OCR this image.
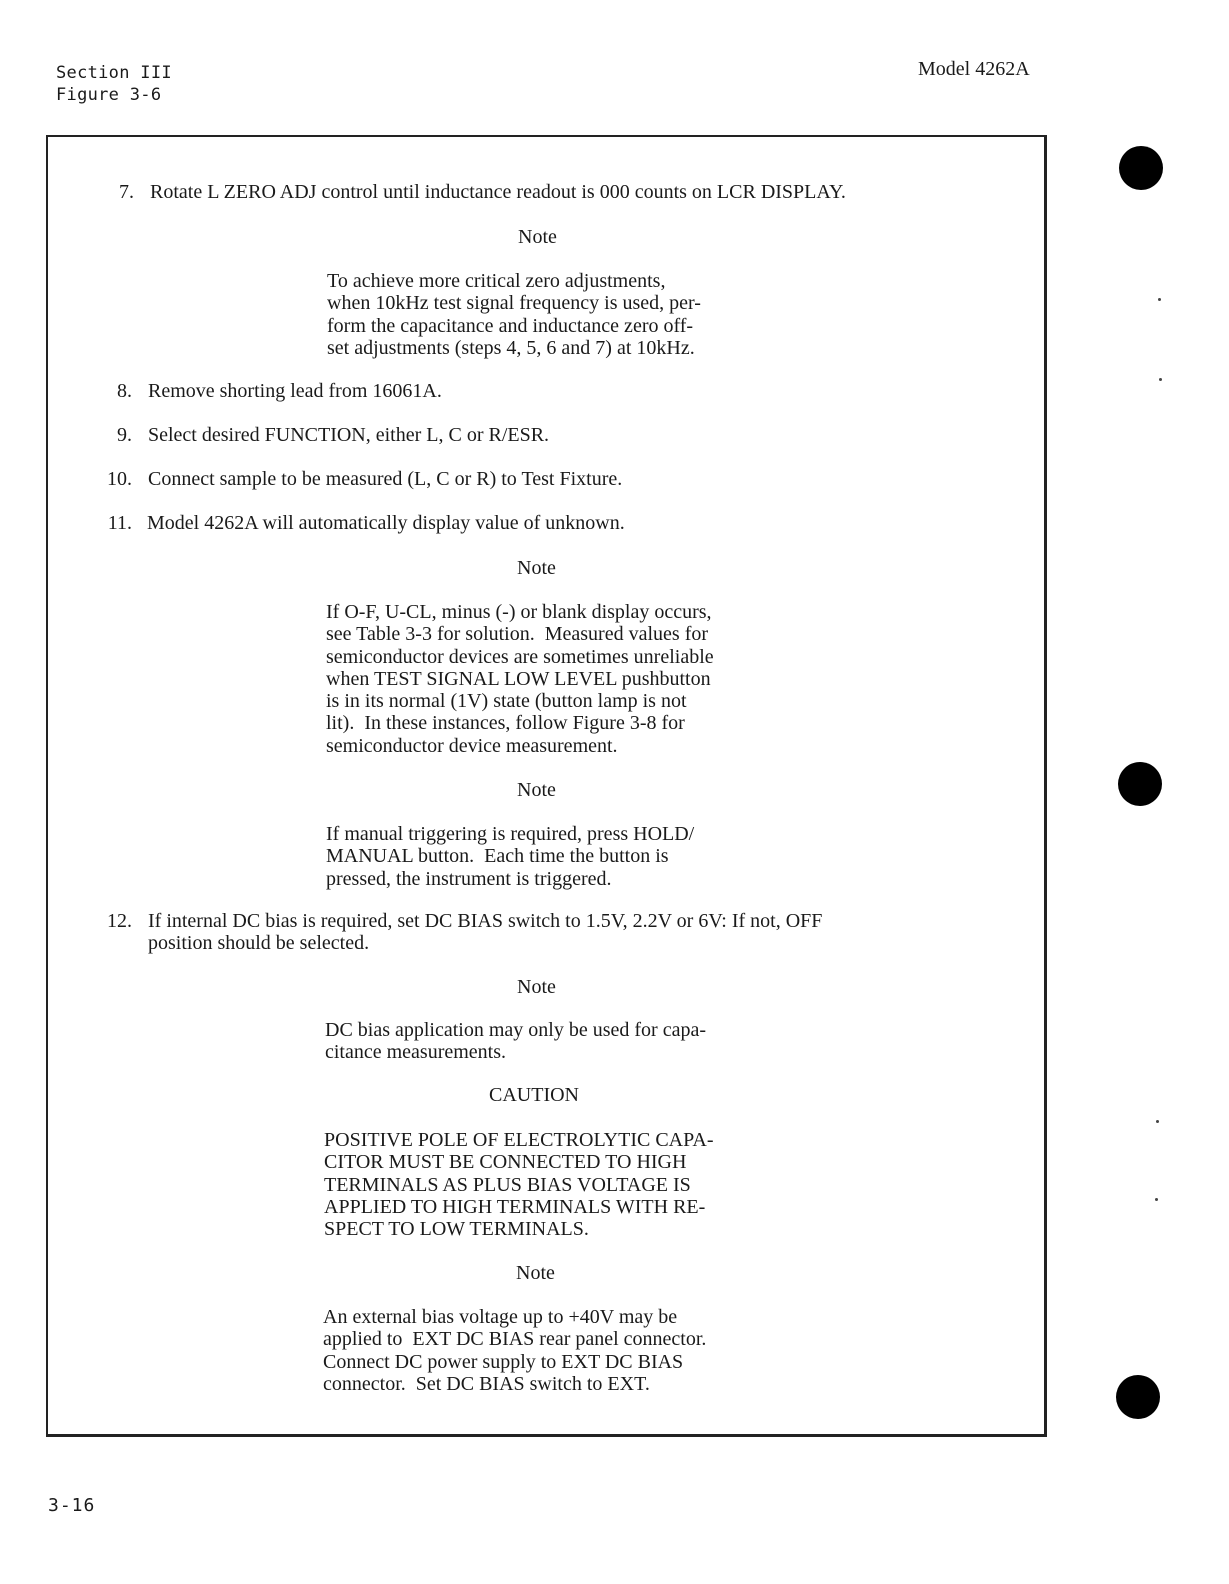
Section III
Figure 3-6
Model 4262A
7. Rotate L ZERO ADJ control until inductance readout is 000 counts on LCR DISPLAY.
Note
To achieve more critical zero adjustments,
when 10kHz test signal frequency is used, per-
form the capacitance and inductance zero off-
set adjustments (steps 4, 5, 6 and 7) at 10kHz.
8. Remove shorting lead from 16061A.
9. Select desired FUNCTION, either L, C or R/ESR.
10. Connect sample to be measured (L, C or R) to Test Fixture.
11. Model 4262A will automatically display value of unknown.
Note
If O-F, U-CL, minus (-) or blank display occurs,
see Table 3-3 for solution.  Measured values for
semiconductor devices are sometimes unreliable
when TEST SIGNAL LOW LEVEL pushbutton
is in its normal (1V) state (button lamp is not
lit).  In these instances, follow Figure 3-8 for
semiconductor device measurement.
Note
If manual triggering is required, press HOLD/
MANUAL button.  Each time the button is
pressed, the instrument is triggered.
12. If internal DC bias is required, set DC BIAS switch to 1.5V, 2.2V or 6V: If not, OFF
position should be selected.
Note
DC bias application may only be used for capa-
citance measurements.
CAUTION
POSITIVE POLE OF ELECTROLYTIC CAPA-
CITOR MUST BE CONNECTED TO HIGH
TERMINALS AS PLUS BIAS VOLTAGE IS
APPLIED TO HIGH TERMINALS WITH RE-
SPECT TO LOW TERMINALS.
Note
An external bias voltage up to +40V may be
applied to  EXT DC BIAS rear panel connector.
Connect DC power supply to EXT DC BIAS
connector.  Set DC BIAS switch to EXT.
3-16
